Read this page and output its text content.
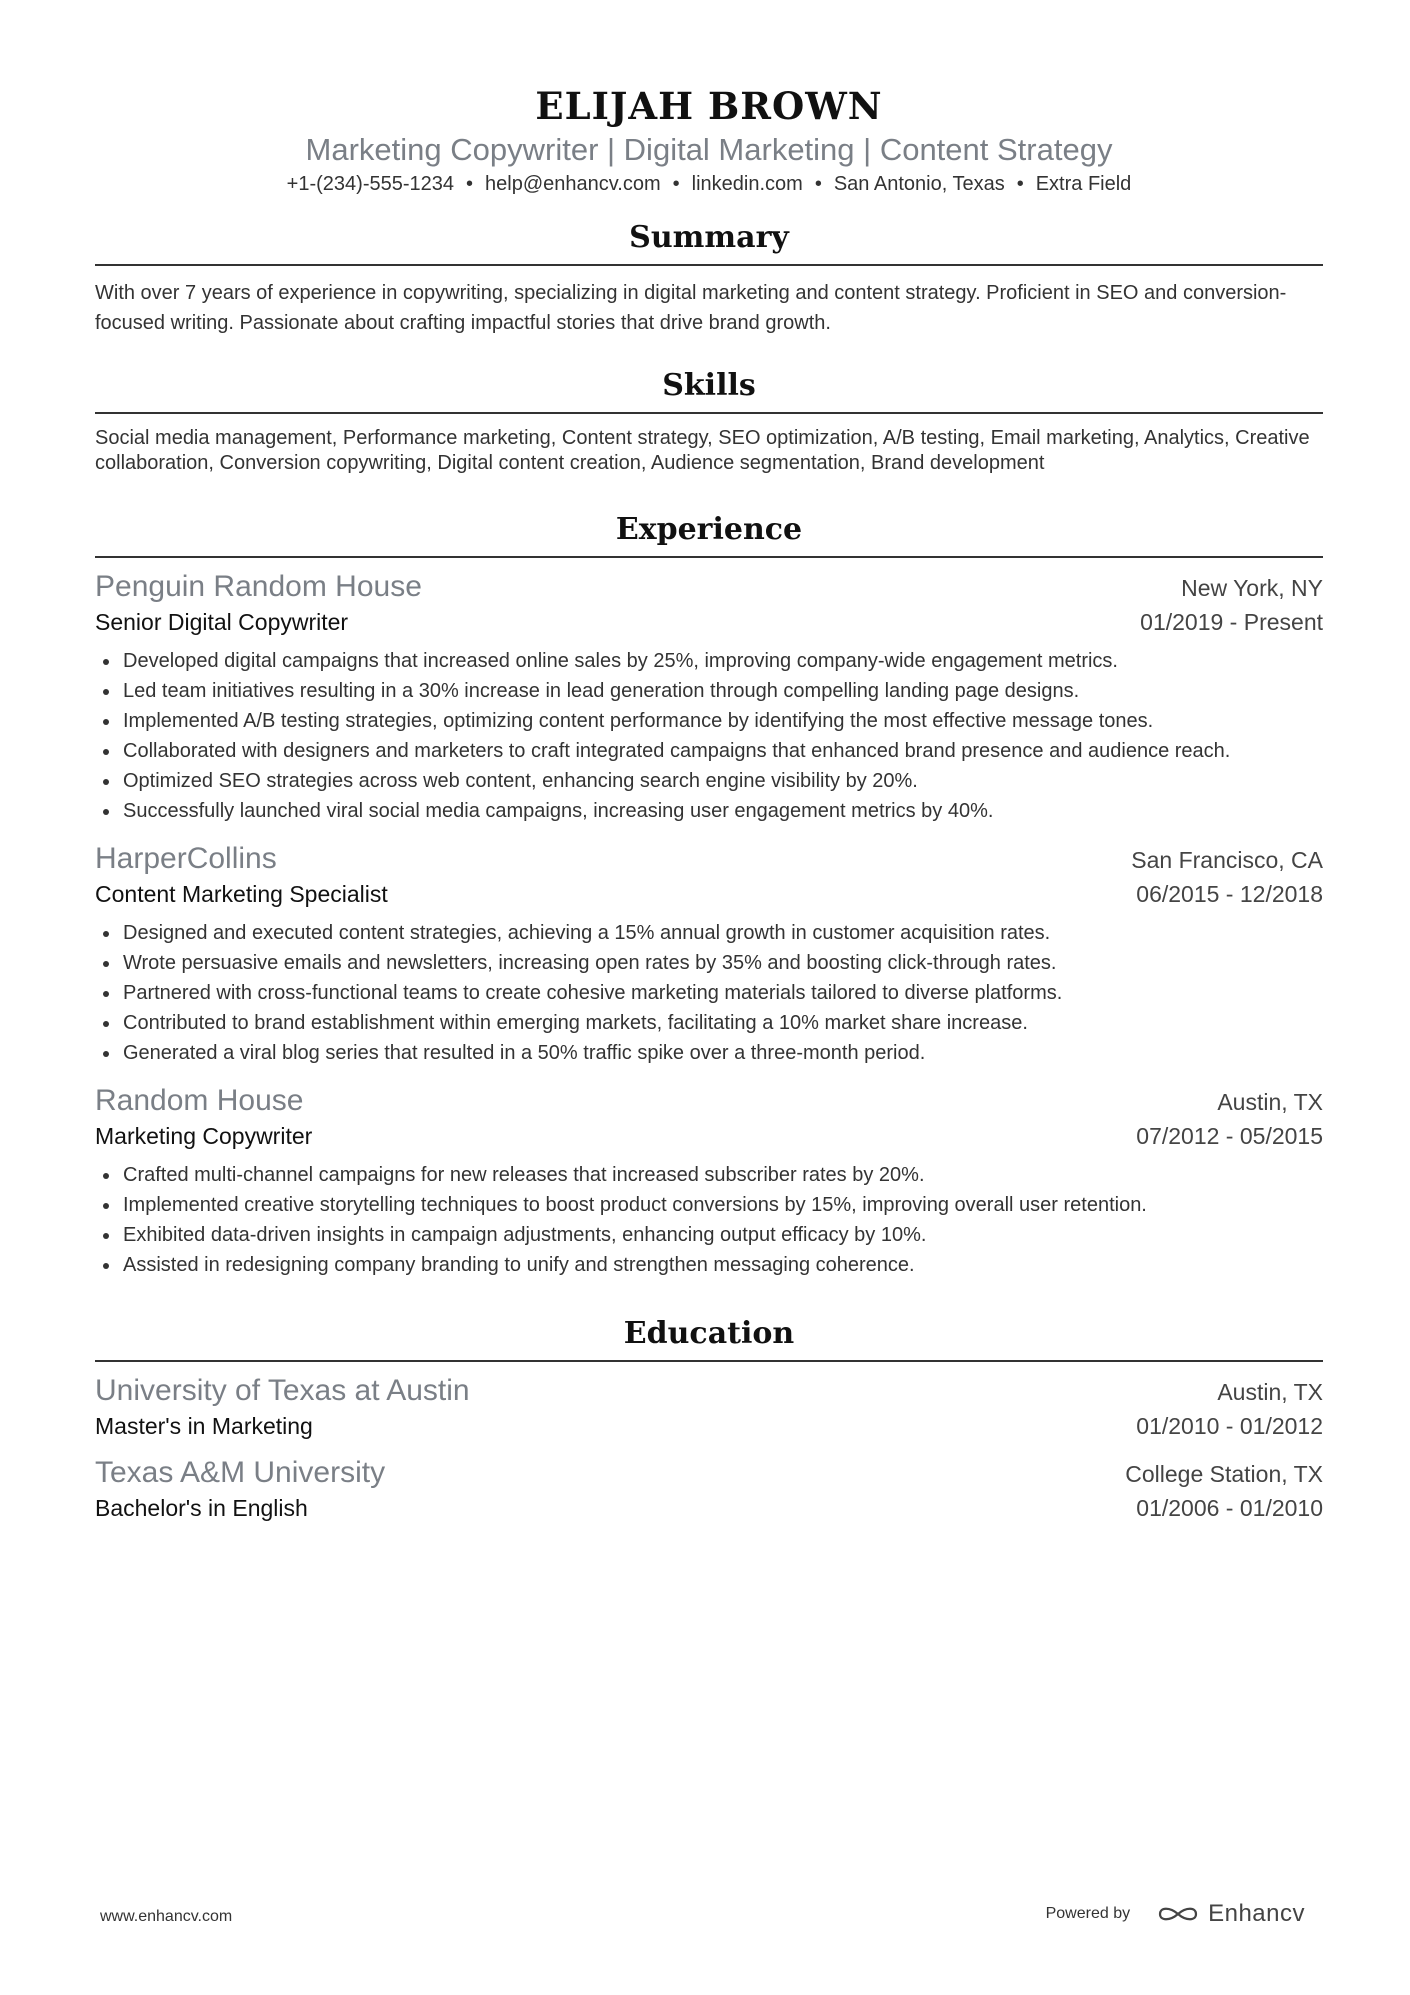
ELIJAH BROWN
Marketing Copywriter | Digital Marketing | Content Strategy
+1-(234)-555-1234 • help@enhancv.com • linkedin.com • San Antonio, Texas • Extra Field
Summary
With over 7 years of experience in copywriting, specializing in digital marketing and content strategy. Proficient in SEO and conversion-focused writing. Passionate about crafting impactful stories that drive brand growth.
Skills
Social media management, Performance marketing, Content strategy, SEO optimization, A/B testing, Email marketing, Analytics, Creative collaboration, Conversion copywriting, Digital content creation, Audience segmentation, Brand development
Experience
Penguin Random House	New York, NY
Senior Digital Copywriter	01/2019 - Present
Developed digital campaigns that increased online sales by 25%, improving company-wide engagement metrics.
Led team initiatives resulting in a 30% increase in lead generation through compelling landing page designs.
Implemented A/B testing strategies, optimizing content performance by identifying the most effective message tones.
Collaborated with designers and marketers to craft integrated campaigns that enhanced brand presence and audience reach.
Optimized SEO strategies across web content, enhancing search engine visibility by 20%.
Successfully launched viral social media campaigns, increasing user engagement metrics by 40%.
HarperCollins	San Francisco, CA
Content Marketing Specialist	06/2015 - 12/2018
Designed and executed content strategies, achieving a 15% annual growth in customer acquisition rates.
Wrote persuasive emails and newsletters, increasing open rates by 35% and boosting click-through rates.
Partnered with cross-functional teams to create cohesive marketing materials tailored to diverse platforms.
Contributed to brand establishment within emerging markets, facilitating a 10% market share increase.
Generated a viral blog series that resulted in a 50% traffic spike over a three-month period.
Random House	Austin, TX
Marketing Copywriter	07/2012 - 05/2015
Crafted multi-channel campaigns for new releases that increased subscriber rates by 20%.
Implemented creative storytelling techniques to boost product conversions by 15%, improving overall user retention.
Exhibited data-driven insights in campaign adjustments, enhancing output efficacy by 10%.
Assisted in redesigning company branding to unify and strengthen messaging coherence.
Education
University of Texas at Austin	Austin, TX
Master's in Marketing	01/2010 - 01/2012
Texas A&M University	College Station, TX
Bachelor's in English	01/2006 - 01/2010
www.enhancv.com	Powered by	Enhancv
